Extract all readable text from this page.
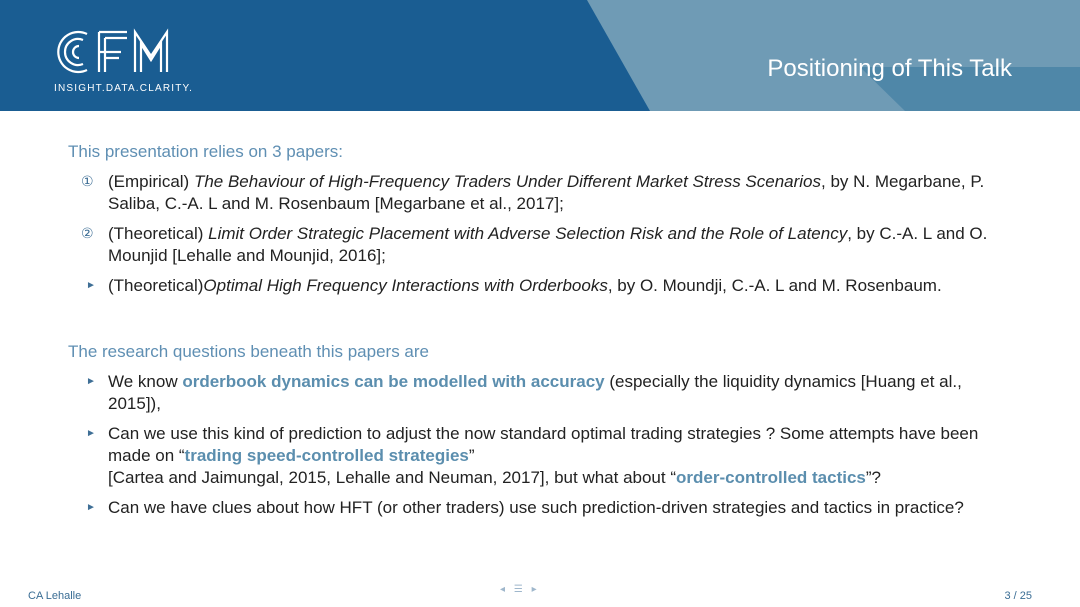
INSIGHT.DATA.CLARITY.
Positioning of This Talk
This presentation relies on 3 papers:
① (Empirical) The Behaviour of High-Frequency Traders Under Different Market Stress Scenarios, by N. Megarbane, P. Saliba, C.-A. L and M. Rosenbaum [Megarbane et al., 2017];
② (Theoretical) Limit Order Strategic Placement with Adverse Selection Risk and the Role of Latency, by C.-A. L and O. Mounjid [Lehalle and Mounjid, 2016];
► (Theoretical)Optimal High Frequency Interactions with Orderbooks, by O. Moundji, C.-A. L and M. Rosenbaum.
The research questions beneath this papers are
► We know orderbook dynamics can be modelled with accuracy (especially the liquidity dynamics [Huang et al., 2015]),
► Can we use this kind of prediction to adjust the now standard optimal trading strategies ? Some attempts have been made on “trading speed-controlled strategies”
[Cartea and Jaimungal, 2015, Lehalle and Neuman, 2017], but what about “order-controlled tactics”?
► Can we have clues about how HFT (or other traders) use such prediction-driven strategies and tactics in practice?
CA Lehalle
◂ ☰ ▸
3 / 25
